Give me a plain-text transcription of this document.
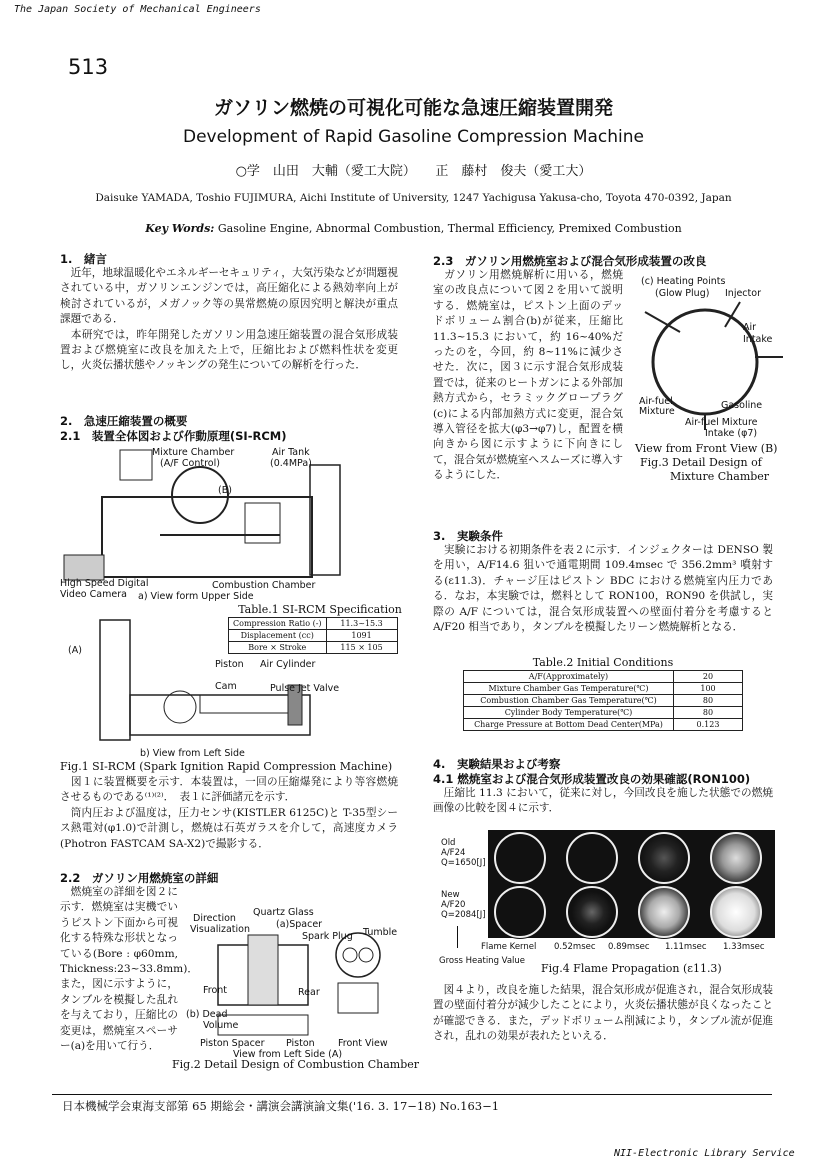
The Japan Society of Mechanical Engineers
513
ガソリン燃焼の可視化可能な急速圧縮装置開発
Development of Rapid Gasoline Compression Machine
○学　山田　大輔（愛工大院）　　正　藤村　俊夫（愛工大）
Daisuke YAMADA, Toshio FUJIMURA, Aichi Institute of University, 1247 Yachigusa Yakusa-cho, Toyota 470-0392, Japan
Key Words: Gasoline Engine, Abnormal Combustion, Thermal Efficiency, Premixed Combustion
1.　緒言
　近年，地球温暖化やエネルギーセキュリティ，大気汚染などが問題視されている中，ガソリンエンジンでは，高圧縮化による熱効率向上が検討されているが，メガノック等の異常燃焼の原因究明と解決が重点課題である．
　本研究では，昨年開発したガソリン用急速圧縮装置の混合気形成装置および燃焼室に改良を加えた上で，圧縮比および燃料性状を変更し，火炎伝播状態やノッキングの発生についての解析を行った．
2.　急速圧縮装置の概要
2.1　装置全体図および作動原理(SI-RCM)
Mixture Chamber
(A/F Control)
Air Tank
(0.4MPa)
(B)
High Speed Digital
Video Camera
Combustion Chamber
a) View form Upper Side
(A)
Piston Air Cylinder
Cam	Pulse Jet Valve
b) View from Left Side
Table.1 SI-RCM Specification
Compression Ratio (-)	11.3~15.3
Displacement (cc)	1091
Bore × Stroke	115 × 105
Fig.1 SI-RCM (Spark Ignition Rapid Compression Machine)
　図１に装置概要を示す．本装置は，一回の圧縮爆発により等容燃焼させるものである⁽¹⁾⁽²⁾．　表１に評価諸元を示す．
　筒内圧および温度は，圧力センサ(KISTLER 6125C)と T-35型シース熱電対(φ1.0)で計測し，燃焼は石英ガラスを介して，高速度カメラ(Photron FASTCAM SA-X2)で撮影する．
2.2　ガソリン用燃焼室の詳細
　燃焼室の詳細を図２に示す．燃焼室は実機でいうピストン下面から可視化する特殊な形状となっている(Bore : φ60mm, Thickness:23~33.8mm)．また，図に示すように，タンブルを模擬した乱れを与えており，圧縮比の変更は，燃焼室スペーサー(a)を用いて行う．
Direction
Visualization
Quartz Glass
(a)Spacer
Spark Plug Tumble
Front	Rear
(b) Dead
Volume
Piston Spacer Piston Front View
View from Left Side (A)
Fig.2 Detail Design of Combustion Chamber
2.3　ガソリン用燃焼室および混合気形成装置の改良
　ガソリン用燃焼解析に用いる，燃焼室の改良点について図２を用いて説明する．燃焼室は，ピストン上面のデッドボリューム割合(b)が従来，圧縮比 11.3~15.3 において，約 16~40%だったのを，今回，約 8~11%に減少させた．次に，図３に示す混合気形成装置では，従来のヒートガンによる外部加熱方式から，セラミックグロープラグ(c)による内部加熱方式に変更，混合気導入管径を拡大(φ3→φ7)し，配置を横向きから図に示すように下向きにして，混合気が燃焼室へスムーズに導入するようにした．
(c) Heating Points
(Glow Plug) Injector
Air
Intake
Air-fuel
Mixture
Gasoline
Air-fuel Mixture
Intake (φ7)
View from Front View (B)
Fig.3 Detail Design of
Mixture Chamber
3.　実験条件
　実験における初期条件を表２に示す．インジェクターは DENSO 製を用い，A/F14.6 狙いで通電期間 109.4msec で 356.2mm³ 噴射する(ε11.3)．チャージ圧はピストン BDC における燃焼室内圧力である．なお，本実験では，燃料として RON100，RON90 を供試し，実際の A/F については，混合気形成装置への壁面付着分を考慮すると A/F20 相当であり，タンブルを模擬したリーン燃焼解析となる．
Table.2 Initial Conditions
A/F(Approximately)	20
Mixture Chamber Gas Temperature(℃)	100
Combustion Chamber Gas Temperature(℃)	80
Cylinder Body Temperature(℃)	80
Charge Pressure at Bottom Dead Center(MPa)	0.123
4.　実験結果および考察
4.1 燃焼室および混合気形成装置改良の効果確認(RON100)
　圧縮比 11.3 において，従来に対し，今回改良を施した状態での燃焼画像の比較を図４に示す．
Old
A/F24
Q=1650[J]
New
A/F20
Q=2084[J]
Flame Kernel 0.52msec 0.89msec 1.11msec 1.33msec
Gross Heating Value
Fig.4 Flame Propagation (ε11.3)
　図４より，改良を施した結果，混合気形成が促進され，混合気形成装置の壁面付着分が減少したことにより，火炎伝播状態が良くなったことが確認できる．また，デッドボリューム削減により，タンブル流が促進され，乱れの効果が表れたといえる．
日本機械学会東海支部第 65 期総会・講演会講演論文集('16. 3. 17−18) No.163−1
NII-Electronic Library Service
